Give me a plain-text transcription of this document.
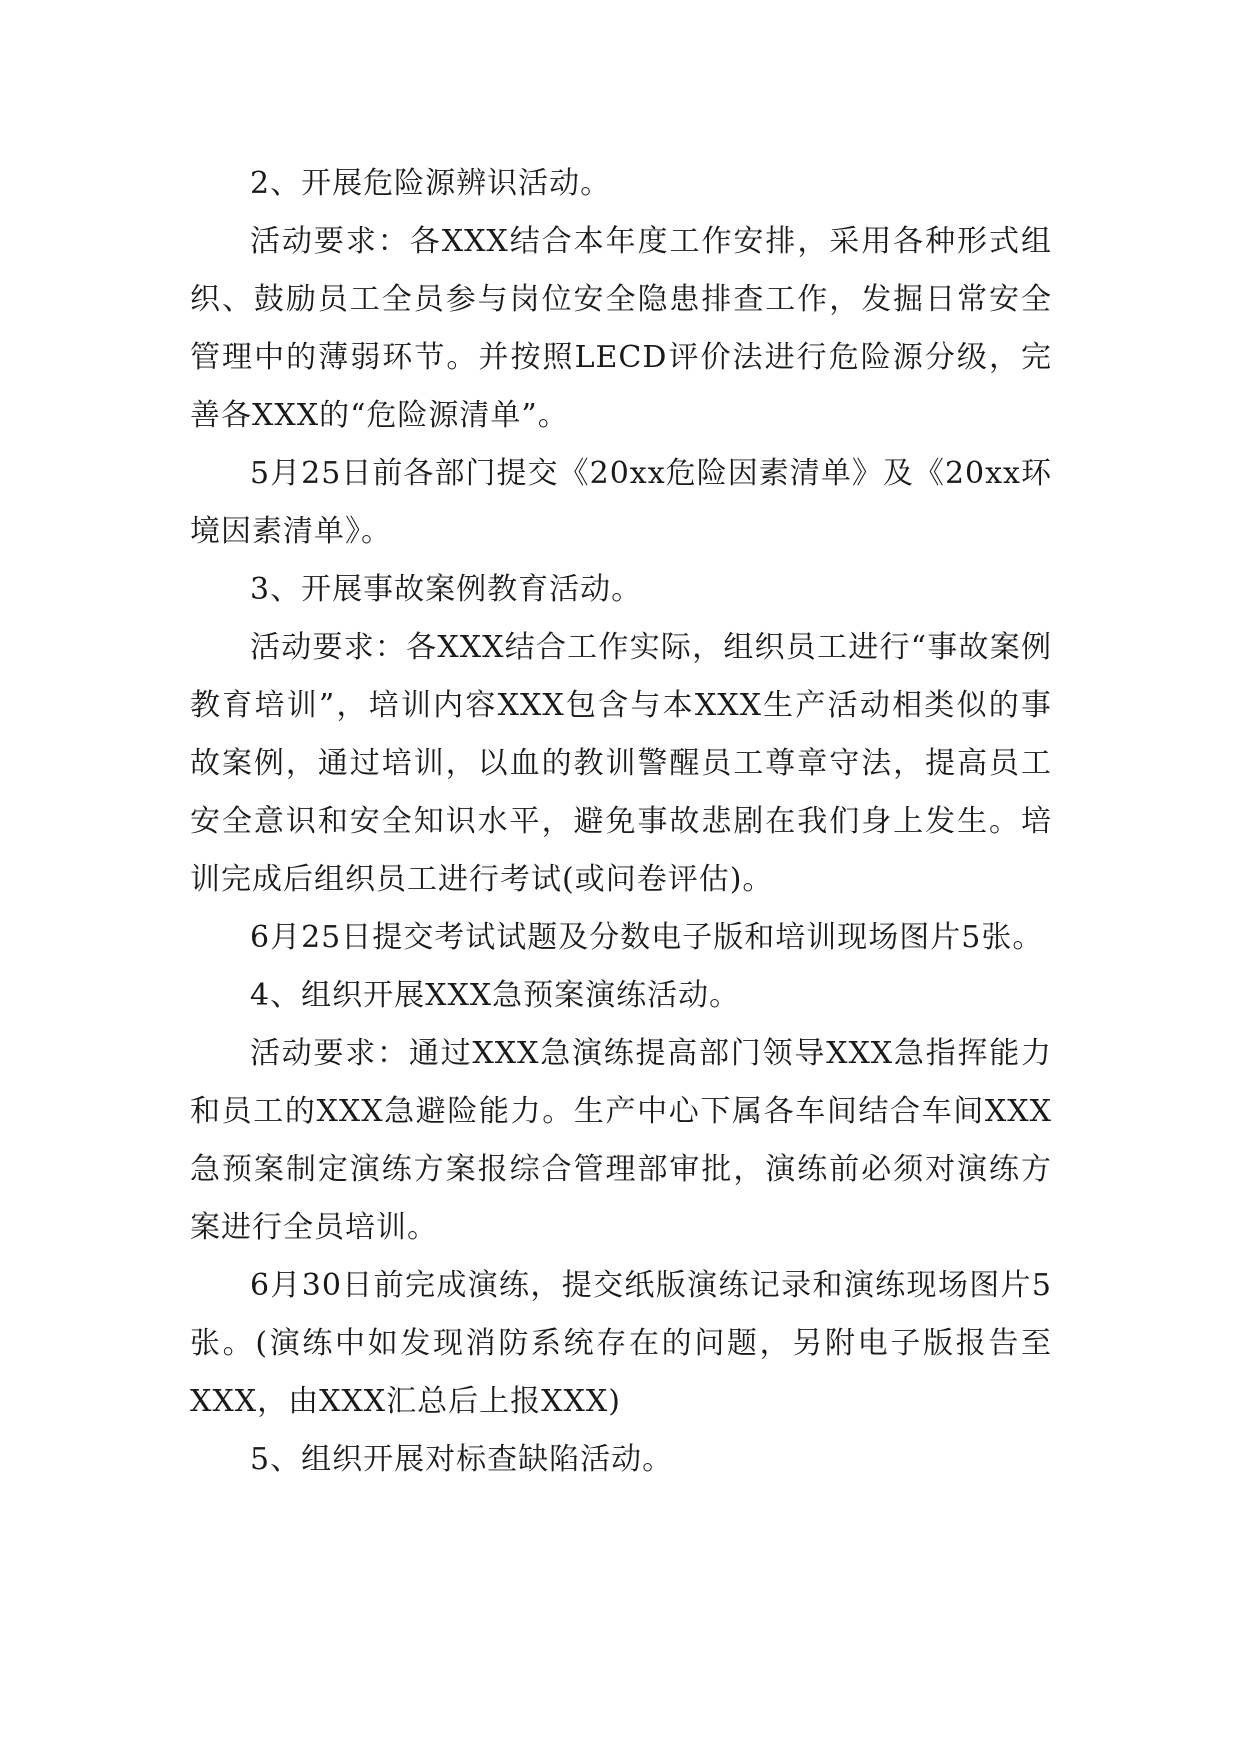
2、开展危险源辨识活动。

活动要求：各XXX结合本年度工作安排，采用各种形式组织、鼓励员工全员参与岗位安全隐患排查工作，发掘日常安全管理中的薄弱环节。并按照LECD评价法进行危险源分级，完善各XXX的“危险源清单”。

5月25日前各部门提交《20xx危险因素清单》及《20xx环境因素清单》。

3、开展事故案例教育活动。

活动要求：各XXX结合工作实际，组织员工进行“事故案例教育培训”，培训内容XXX包含与本XXX生产活动相类似的事故案例，通过培训，以血的教训警醒员工尊章守法，提高员工安全意识和安全知识水平，避免事故悲剧在我们身上发生。培训完成后组织员工进行考试(或问卷评估)。

6月25日提交考试试题及分数电子版和培训现场图片5张。

4、组织开展XXX急预案演练活动。

活动要求：通过XXX急演练提高部门领导XXX急指挥能力和员工的XXX急避险能力。生产中心下属各车间结合车间XXX急预案制定演练方案报综合管理部审批，演练前必须对演练方案进行全员培训。

6月30日前完成演练，提交纸版演练记录和演练现场图片5张。(演练中如发现消防系统存在的问题，另附电子版报告至XXX，由XXX汇总后上报XXX)

5、组织开展对标查缺陷活动。
